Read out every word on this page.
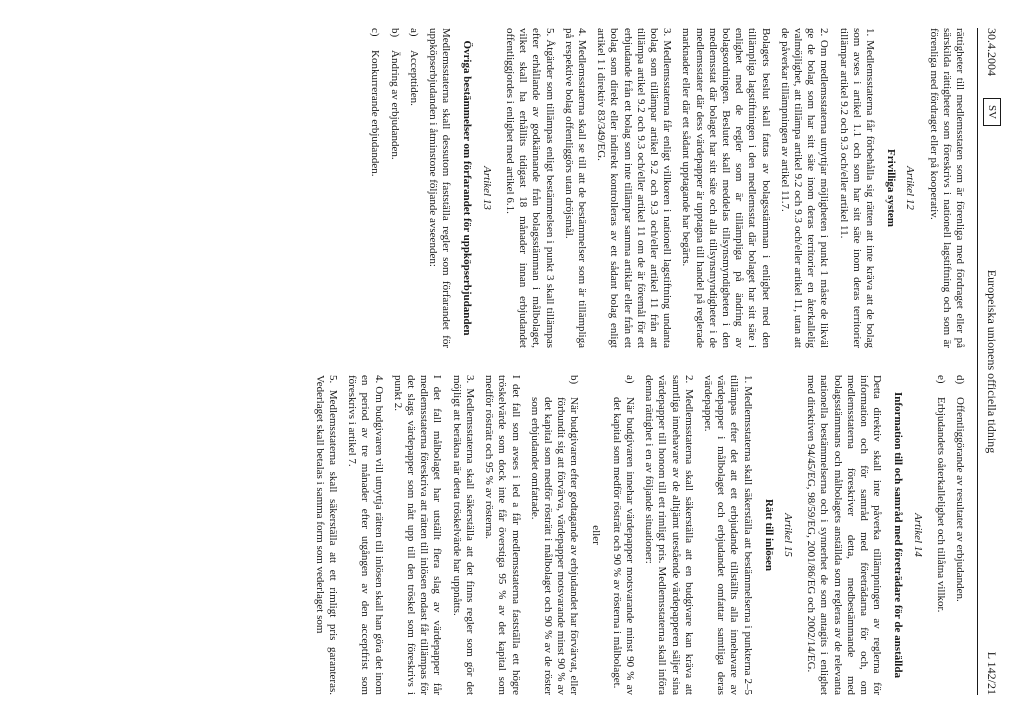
30.4.2004
SV
Europeiska unionens officiella tidning
L 142/21

rättigheter till medlemsstaten som är förenliga med fördraget eller på särskilda rättigheter som föreskrivs i nationell lagstiftning och som är förenliga med fördraget eller på kooperativ.

Artikel 12
Frivilliga system

1. Medlemsstaterna får förbehålla sig rätten att inte kräva att de bolag som avses i artikel 1.1 och som har sitt säte inom deras territorier tillämpar artikel 9.2 och 9.3 och/eller artikel 11.

2. Om medlemsstaterna utnyttjar möjligheten i punkt 1 måste de likväl ge de bolag som har sitt säte inom deras territorier en återkallelig valmöjlighet, att tillämpa artikel 9.2 och 9.3 och/eller artikel 11, utan att de påverkar tillämpningen av artikel 11.7.

Bolagets beslut skall fattas av bolagsstämman i enlighet med den tillämpliga lagstiftningen i den medlemsstat där bolaget har sitt säte i enlighet med de regler som är tillämpliga på ändring av bolagsordningen. Beslutet skall meddelas tillsynsmyndigheten i den medlemsstat där bolaget har sitt säte och alla tillsynsmyndigheter i de medlemsstater där dess värdepapper är upptagna till handel på reglerade marknader eller där ett sådant upptagande har begärts.

3. Medlemsstaterna får enligt villkoren i nationell lagstiftning undanta bolag som tillämpar artikel 9.2 och 9.3 och/eller artikel 11 från att tillämpa artikel 9.2 och 9.3 och/eller artikel 11 om de är föremål för ett erbjudande från ett bolag som inte tillämpar samma artiklar eller från ett bolag som direkt eller indirekt kontrolleras av ett sådant bolag enligt artikel 1 i direktiv 83/349/EG.

4. Medlemsstaterna skall se till att de bestämmelser som är tillämpliga på respektive bolag offentliggörs utan dröjsmål.

5. Åtgärder som tillämpas enligt bestämmelsen i punkt 3 skall tillämpas efter erhållande av godkännande från bolagsstämman i målbolaget, vilket skall ha erhållits tidigast 18 månader innan erbjudandet offentliggjordes i enlighet med artikel 6.1.

Artikel 13
Övriga bestämmelser om förfarandet för uppköpserbjudanden

Medlemsstaterna skall dessutom fastställa regler som förfarandet för uppköpserbjudanden i åtminstone följande avseenden:

a)
Accepttiden.
b)
Ändring av erbjudanden.
c)
Konkurrerande erbjudanden.
d)
Offentliggörande av resultatet av erbjudanden.
e)
Erbjudandets oåterkallelighet och tillåtna villkor.
Artikel 14
Information till och samråd med företrädare för de anställda

Detta direktiv skall inte påverka tillämpningen av reglerna för information och för samråd med företrädarna för och, om medlemsstaterna föreskriver detta, medbestämmande med bolagsstämmans och målbolagets anställda som regleras av de relevanta nationella bestämmelserna och i synnerhet de som antagits i enlighet med direktiven 94/45/EG, 98/59/EG, 2001/86/EG och 2002/14/EG.

Artikel 15
Rätt till inlösen

1. Medlemsstaterna skall säkerställa att bestämmelserna i punkterna 2–5 tillämpas efter det att ett erbjudande tillställts alla innehavare av värdepapper i målbolaget och erbjudandet omfattar samtliga deras värdepapper.

2. Medlemsstaterna skall säkerställa att en budgivare kan kräva att samtliga innehavare av de alltjämt utestående värdepapperen säljer sina värdepapper till honom till ett rimligt pris. Medlemsstaterna skall införa denna rättighet i en av följande situationer:

a)
När budgivaren innehar värdepapper motsvarande minst 90 % av det kapital som medför rösträtt och 90 % av rösterna i målbolaget.
eller
b)
När budgivaren efter godtagande av erbjudandet har förvärvat, eller förbundit sig att förvärva, värdepapper motsvarande minst 90 % av det kapital som medför rösträtt i målbolaget och 90 % av de röster som erbjudandet omfattade.

I det fall som avses i led a får medlemsstaterna fastställa ett högre tröskelvärde som dock inte får överstiga 95 % av det kapital som medför rösträtt och 95 % av rösterna.

3. Medlemsstaterna skall säkerställa att det finns regler som gör det möjligt att beräkna när detta tröskelvärde har uppnåtts.

I det fall målbolaget har utställt flera slag av värdepapper får medlemsstaterna föreskriva att rätten till inlösen endast får tillämpas för det slags värdepapper som nått upp till den tröskel som föreskrivs i punkt 2.

4. Om budgivaren vill utnyttja rätten till inlösen skall han göra det inom en period av tre månader efter utgången av den acceptfrist som föreskrivs i artikel 7.

5. Medlemsstaterna skall säkerställa att ett rimligt pris garanteras. Vederlaget skall betalas i samma form som vederlaget som
